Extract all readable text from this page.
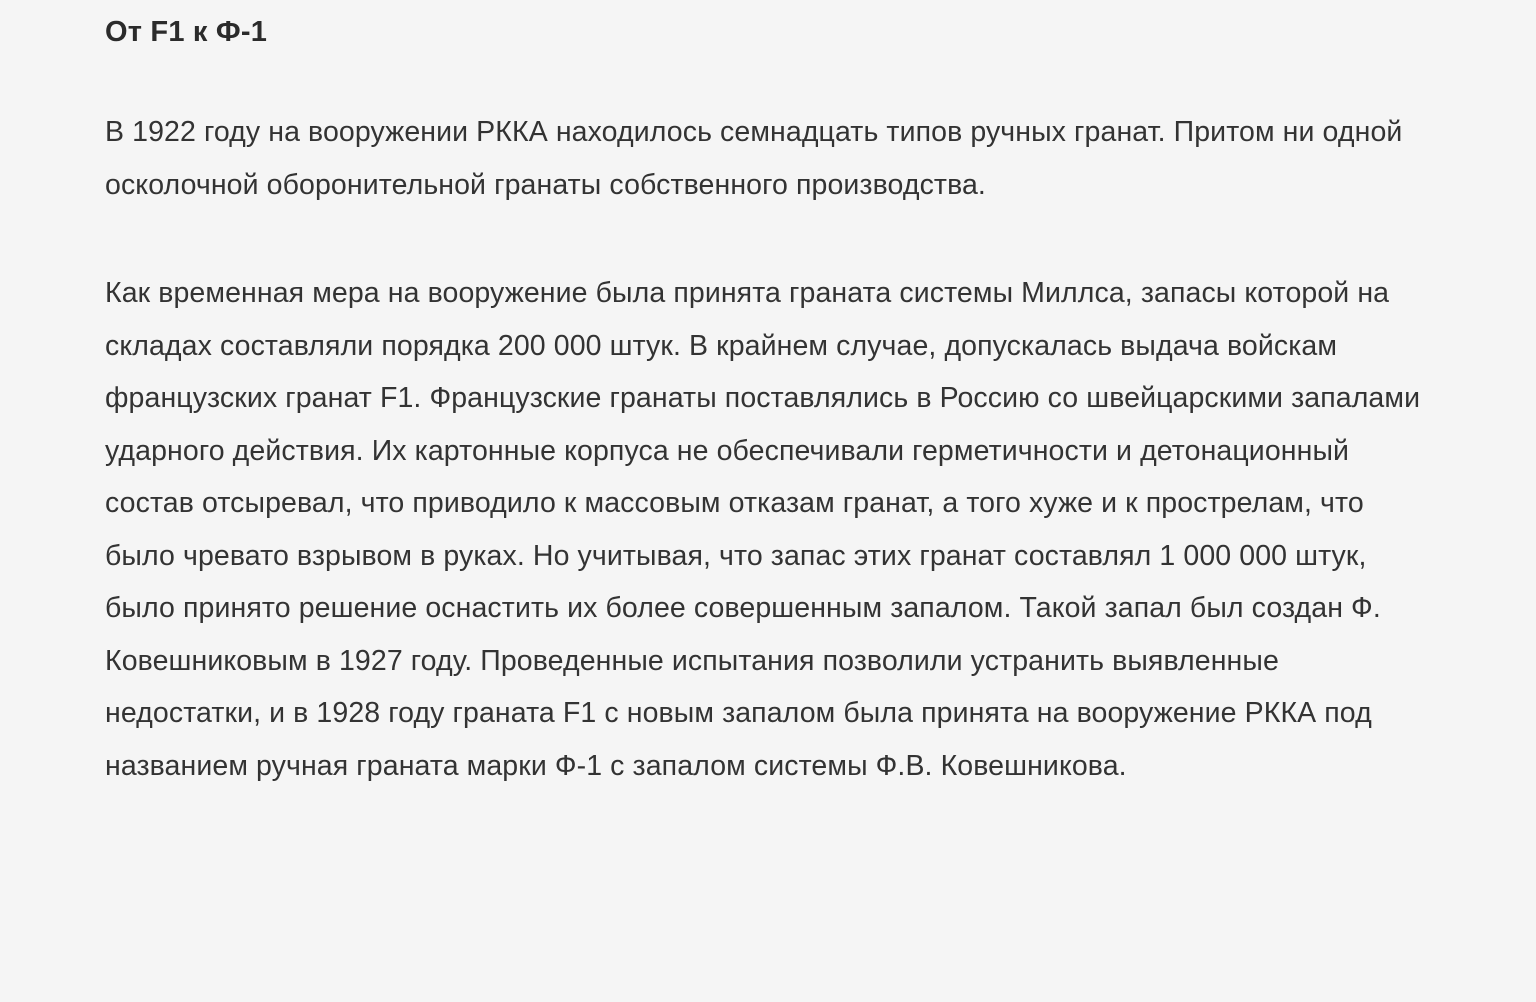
От F1 к Ф-1

В 1922 году на вооружении РККА находилось семнадцать типов ручных гранат. Притом ни одной осколочной оборонительной гранаты собственного производства.

Как временная мера на вооружение была принята граната системы Миллса, запасы которой на складах составляли порядка 200 000 штук. В крайнем случае, допускалась выдача войскам французских гранат F1. Французские гранаты поставлялись в Россию со швейцарскими запалами ударного действия. Их картонные корпуса не обеспечивали герметичности и детонационный состав отсыревал, что приводило к массовым отказам гранат, а того хуже и к прострелам, что было чревато взрывом в руках. Но учитывая, что запас этих гранат составлял 1 000 000 штук, было принято решение оснастить их более совершенным запалом. Такой запал был создан Ф. Ковешниковым в 1927 году. Проведенные испытания позволили устранить выявленные недостатки, и в 1928 году граната F1 с новым запалом была принята на вооружение РККА под названием ручная граната марки Ф-1 с запалом системы Ф.В. Ковешникова.
